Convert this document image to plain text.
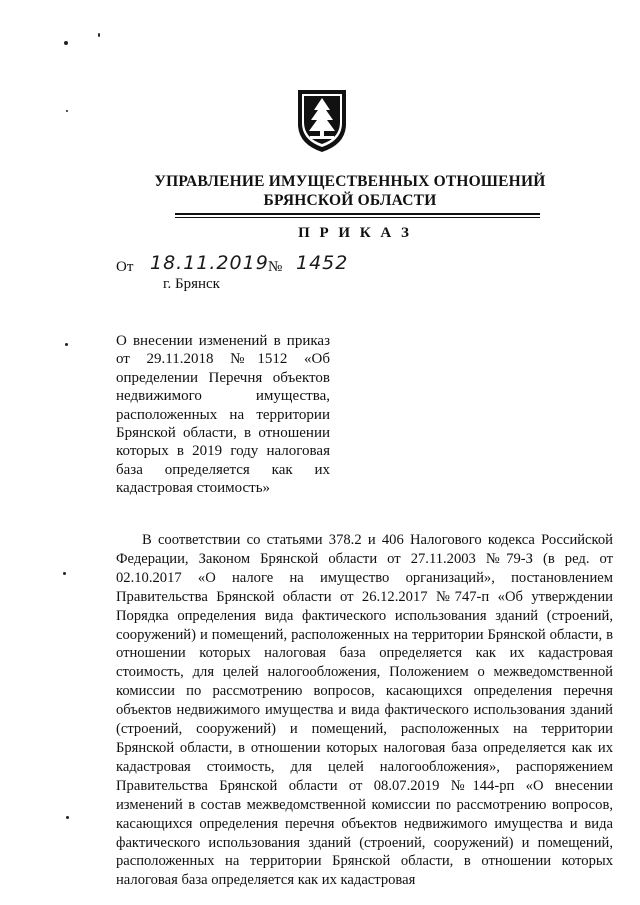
УПРАВЛЕНИЕ ИМУЩЕСТВЕННЫХ ОТНОШЕНИЙ
БРЯНСКОЙ ОБЛАСТИ
П Р И К А З
От 18.11.2019 № 1452
г. Брянск
О внесении изменений в приказ от 29.11.2018 №1512 «Об определении Перечня объектов недвижимого имущества, расположенных на территории Брянской области, в отношении которых в 2019 году налоговая база определяется как их кадастровая стоимость»
В соответствии со статьями 378.2 и 406 Налогового кодекса Российской Федерации, Законом Брянской области от 27.11.2003 №79-З (в ред. от 02.10.2017 «О налоге на имущество организаций», постановлением Правительства Брянской области от 26.12.2017 №747-п «Об утверждении Порядка определения вида фактического использования зданий (строений, сооружений) и помещений, расположенных на территории Брянской области, в отношении которых налоговая база определяется как их кадастровая стоимость, для целей налогообложения, Положением о межведомственной комиссии по рассмотрению вопросов, касающихся определения перечня объектов недвижимого имущества и вида фактического использования зданий (строений, сооружений) и помещений, расположенных на территории Брянской области, в отношении которых налоговая база определяется как их кадастровая стоимость, для целей налогообложения», распоряжением Правительства Брянской области от 08.07.2019 №144-рп «О внесении изменений в состав межведомственной комиссии по рассмотрению вопросов, касающихся определения перечня объектов недвижимого имущества и вида фактического использования зданий (строений, сооружений) и помещений, расположенных на территории Брянской области, в отношении которых налоговая база определяется как их кадастровая
